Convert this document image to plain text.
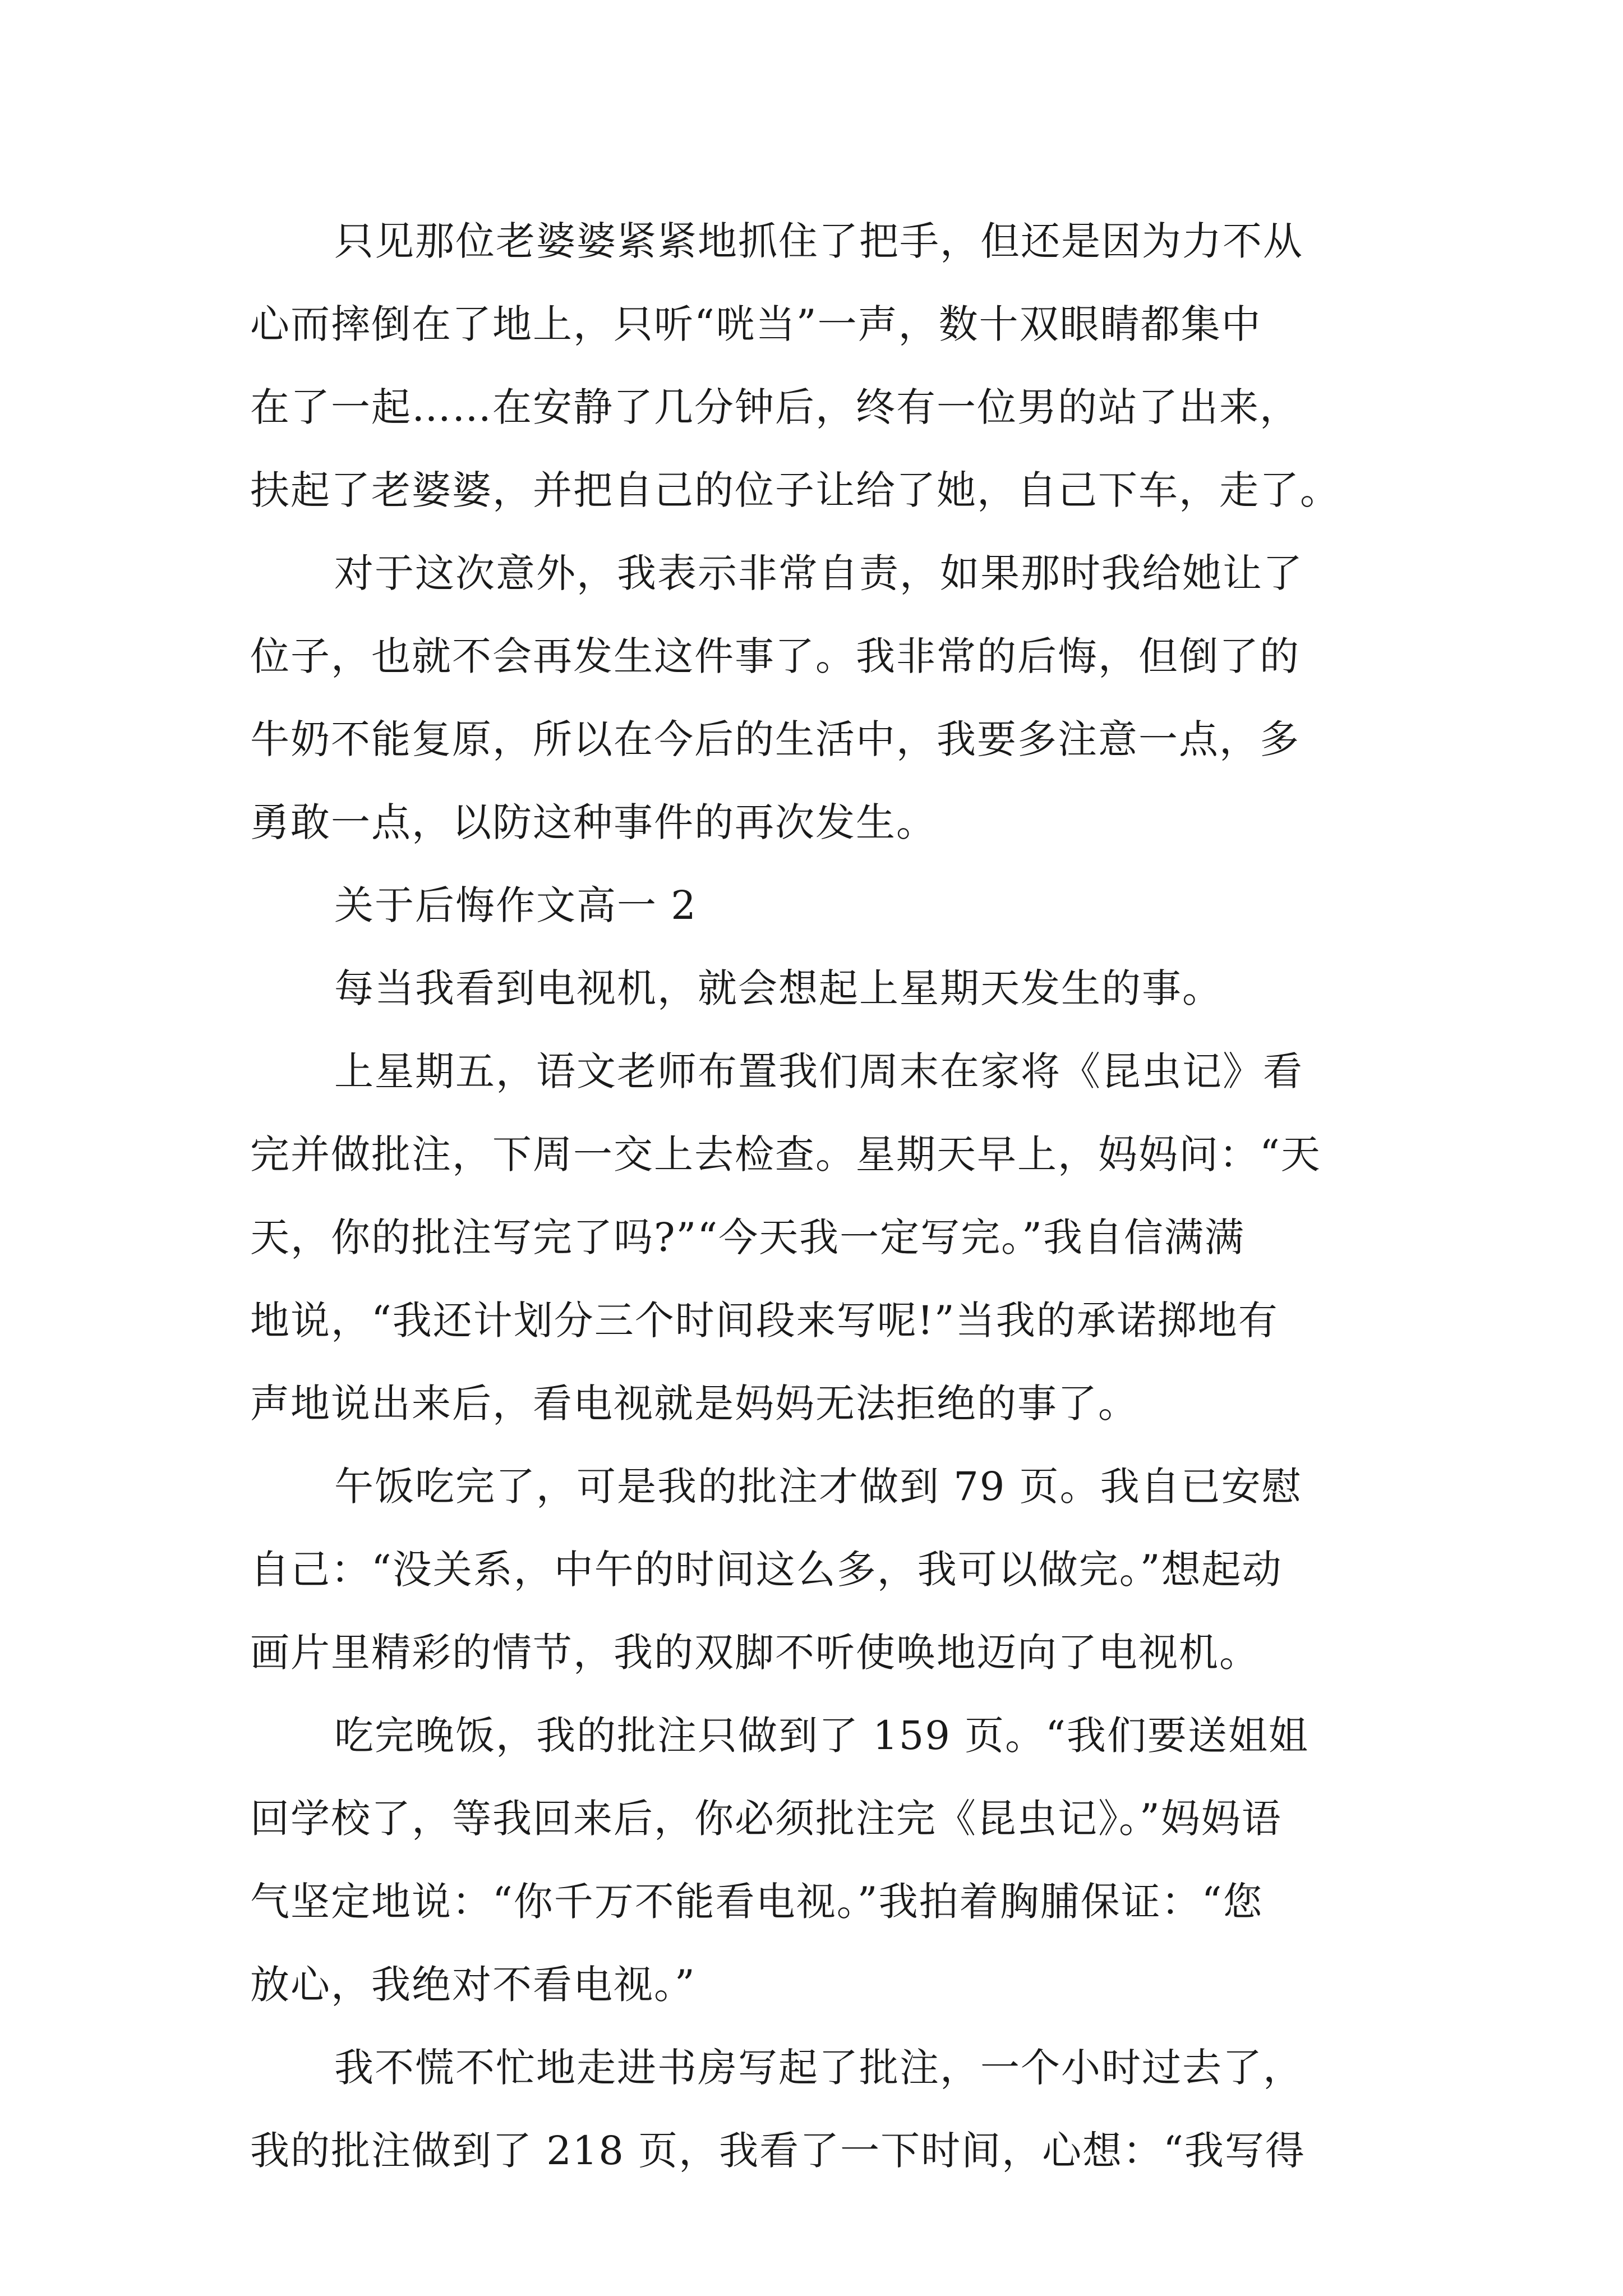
只见那位老婆婆紧紧地抓住了把手，但还是因为力不从
心而摔倒在了地上，只听“咣当”一声，数十双眼睛都集中
在了一起……在安静了几分钟后，终有一位男的站了出来，
扶起了老婆婆，并把自己的位子让给了她，自己下车，走了。
对于这次意外，我表示非常自责，如果那时我给她让了
位子，也就不会再发生这件事了。我非常的后悔，但倒了的
牛奶不能复原，所以在今后的生活中，我要多注意一点，多
勇敢一点，以防这种事件的再次发生。
关于后悔作文高一 2
每当我看到电视机，就会想起上星期天发生的事。
上星期五，语文老师布置我们周末在家将《昆虫记》看
完并做批注，下周一交上去检查。星期天早上，妈妈问：“天
天，你的批注写完了吗?”“今天我一定写完。”我自信满满
地说，“我还计划分三个时间段来写呢!”当我的承诺掷地有
声地说出来后，看电视就是妈妈无法拒绝的事了。
午饭吃完了，可是我的批注才做到 79 页。我自已安慰
自己：“没关系，中午的时间这么多，我可以做完。”想起动
画片里精彩的情节，我的双脚不听使唤地迈向了电视机。
吃完晚饭，我的批注只做到了 159 页。“我们要送姐姐
回学校了，等我回来后，你必须批注完《昆虫记》。”妈妈语
气坚定地说：“你千万不能看电视。”我拍着胸脯保证：“您
放心，我绝对不看电视。”
我不慌不忙地走进书房写起了批注，一个小时过去了，
我的批注做到了 218 页，我看了一下时间，心想：“我写得
